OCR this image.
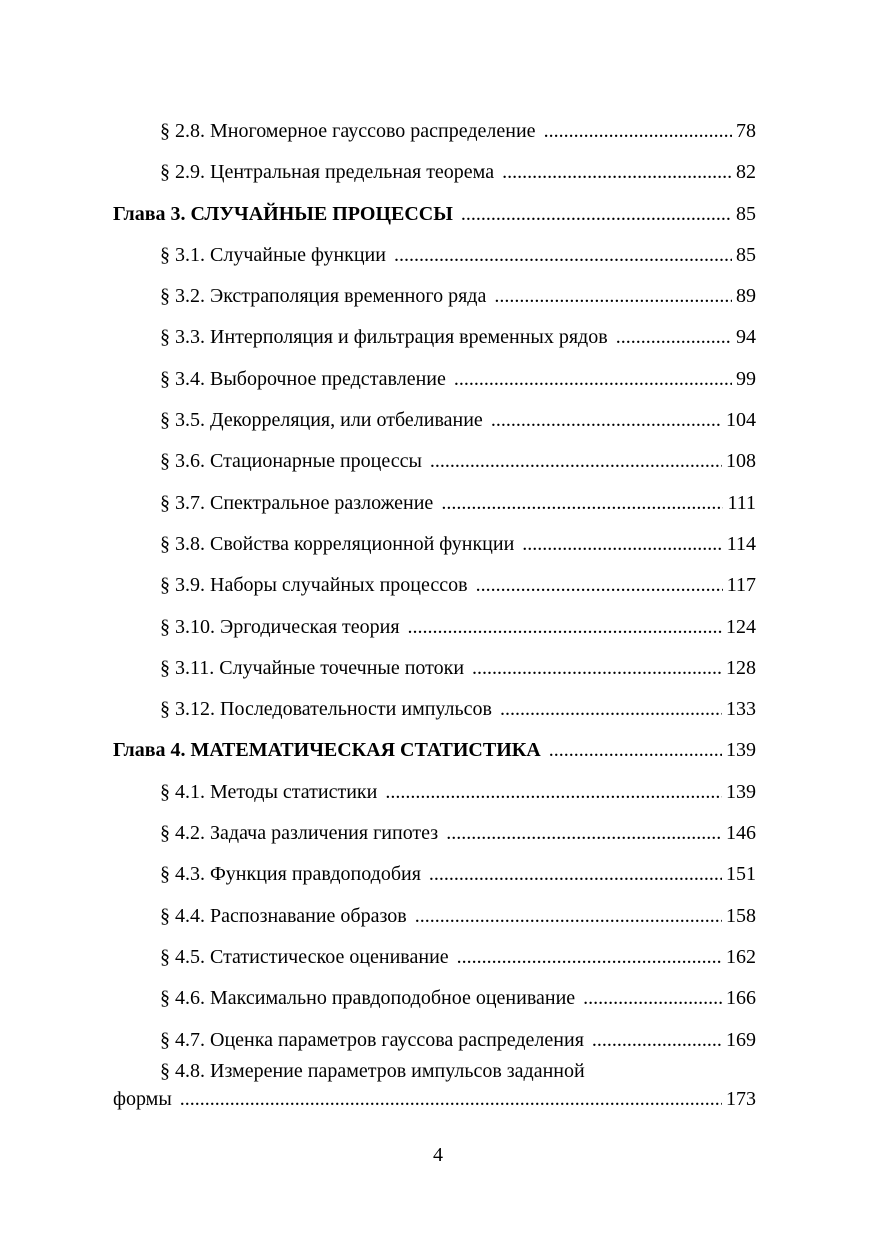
§ 2.8. Многомерное гауссово распределение .....	78
§ 2.9. Центральная предельная теорема .....	82
Глава 3. СЛУЧАЙНЫЕ ПРОЦЕССЫ .....	85
§ 3.1. Случайные функции .....	85
§ 3.2. Экстраполяция временного ряда .....	89
§ 3.3. Интерполяция и фильтрация временных рядов .....	94
§ 3.4. Выборочное представление .....	99
§ 3.5. Декорреляция, или отбеливание .....	104
§ 3.6. Стационарные процессы .....	108
§ 3.7. Спектральное разложение .....	111
§ 3.8. Свойства корреляционной функции .....	114
§ 3.9. Наборы случайных процессов .....	117
§ 3.10. Эргодическая теория .....	124
§ 3.11. Случайные точечные потоки .....	128
§ 3.12. Последовательности импульсов .....	133
Глава 4. МАТЕМАТИЧЕСКАЯ СТАТИСТИКА .....	139
§ 4.1. Методы статистики .....	139
§ 4.2. Задача различения гипотез .....	146
§ 4.3. Функция правдоподобия .....	151
§ 4.4. Распознавание образов .....	158
§ 4.5. Статистическое оценивание .....	162
§ 4.6. Максимально правдоподобное оценивание .....	166
§ 4.7. Оценка параметров гауссова распределения .....	169
§ 4.8. Измерение параметров импульсов заданной
формы .....	173
4
